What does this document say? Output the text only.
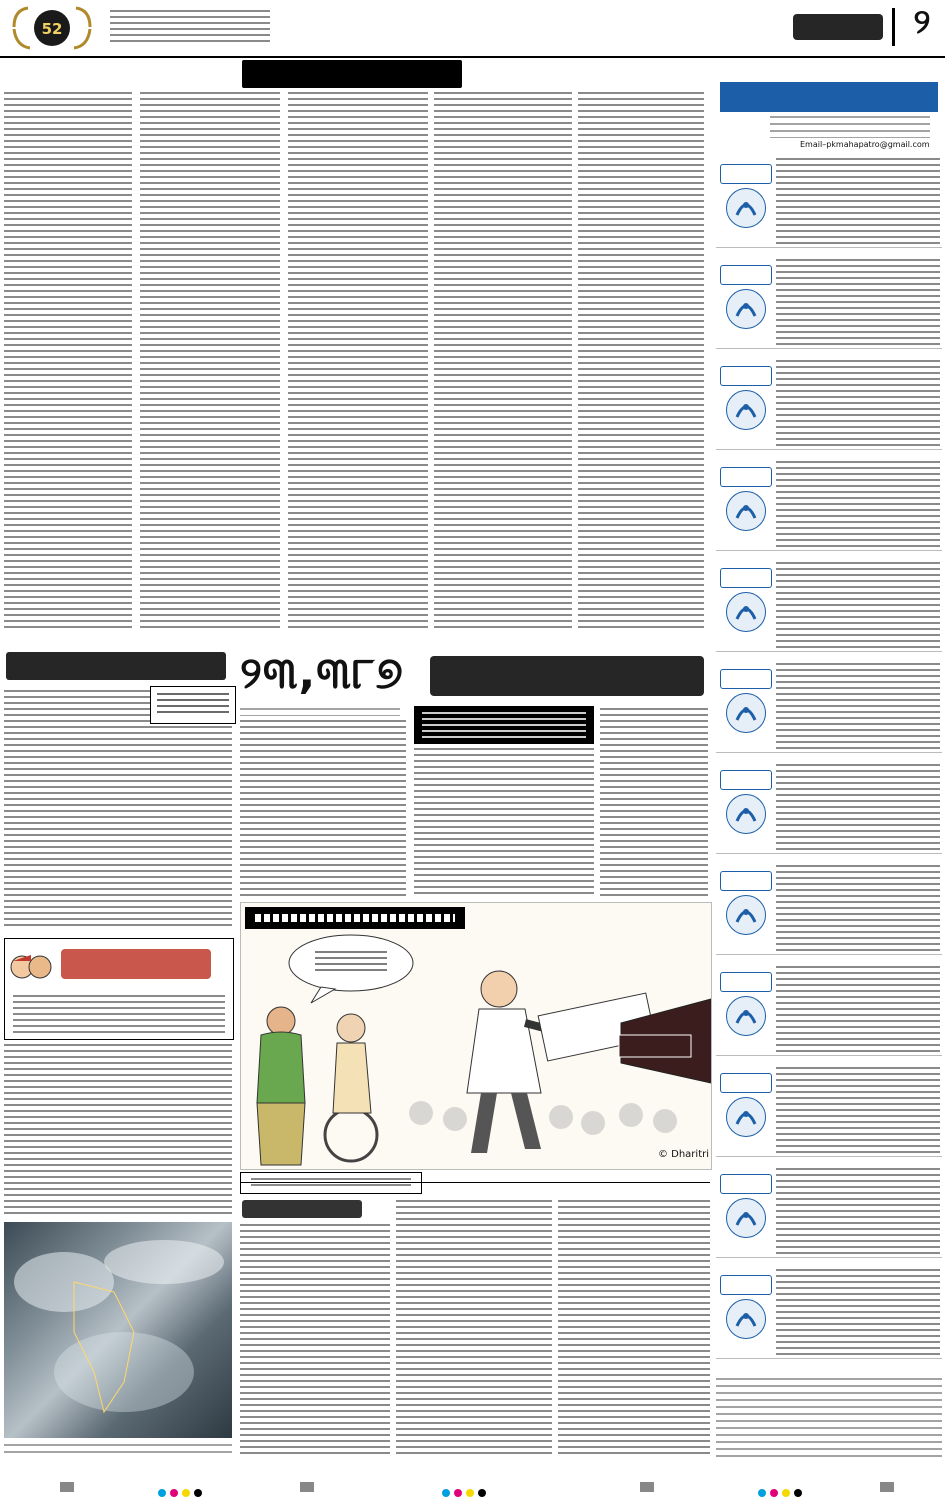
52	୨
Email–pkmahapatro@gmail.com
୨୩,୩୮୭
© Dharitri
